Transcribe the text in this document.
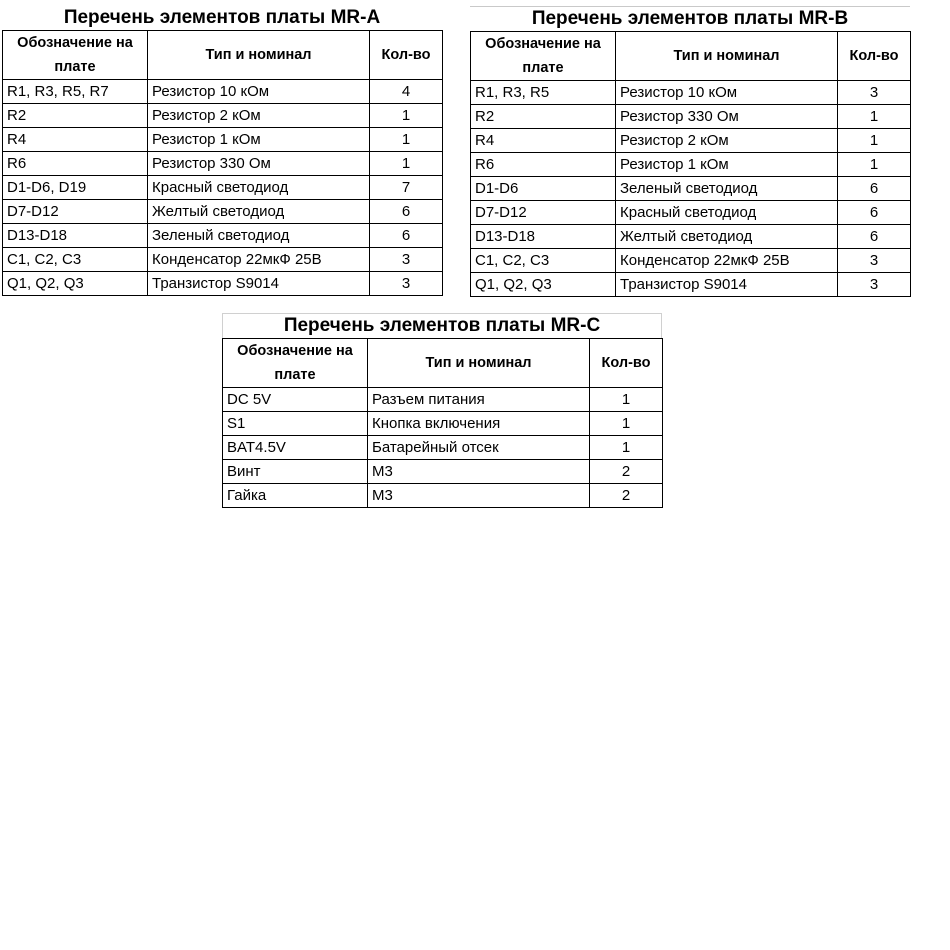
Перечень элементов платы MR-A
Обозначение на плате	Тип и номинал	Кол-во
R1, R3, R5, R7	Резистор 10 кОм	4
R2	Резистор 2 кОм	1
R4	Резистор 1 кОм	1
R6	Резистор 330 Ом	1
D1-D6, D19	Красный светодиод	7
D7-D12	Желтый светодиод	6
D13-D18	Зеленый светодиод	6
C1, C2, C3	Конденсатор 22мкФ 25В	3
Q1, Q2, Q3	Транзистор S9014	3
Перечень элементов платы MR-B
Обозначение на плате	Тип и номинал	Кол-во
R1, R3, R5	Резистор 10 кОм	3
R2	Резистор 330 Ом	1
R4	Резистор 2 кОм	1
R6	Резистор 1 кОм	1
D1-D6	Зеленый светодиод	6
D7-D12	Красный светодиод	6
D13-D18	Желтый светодиод	6
C1, C2, C3	Конденсатор 22мкФ 25В	3
Q1, Q2, Q3	Транзистор S9014	3
Перечень элементов платы MR-C
Обозначение на плате	Тип и номинал	Кол-во
DC 5V	Разъем питания	1
S1	Кнопка включения	1
BAT4.5V	Батарейный отсек	1
Винт	М3	2
Гайка	М3	2
